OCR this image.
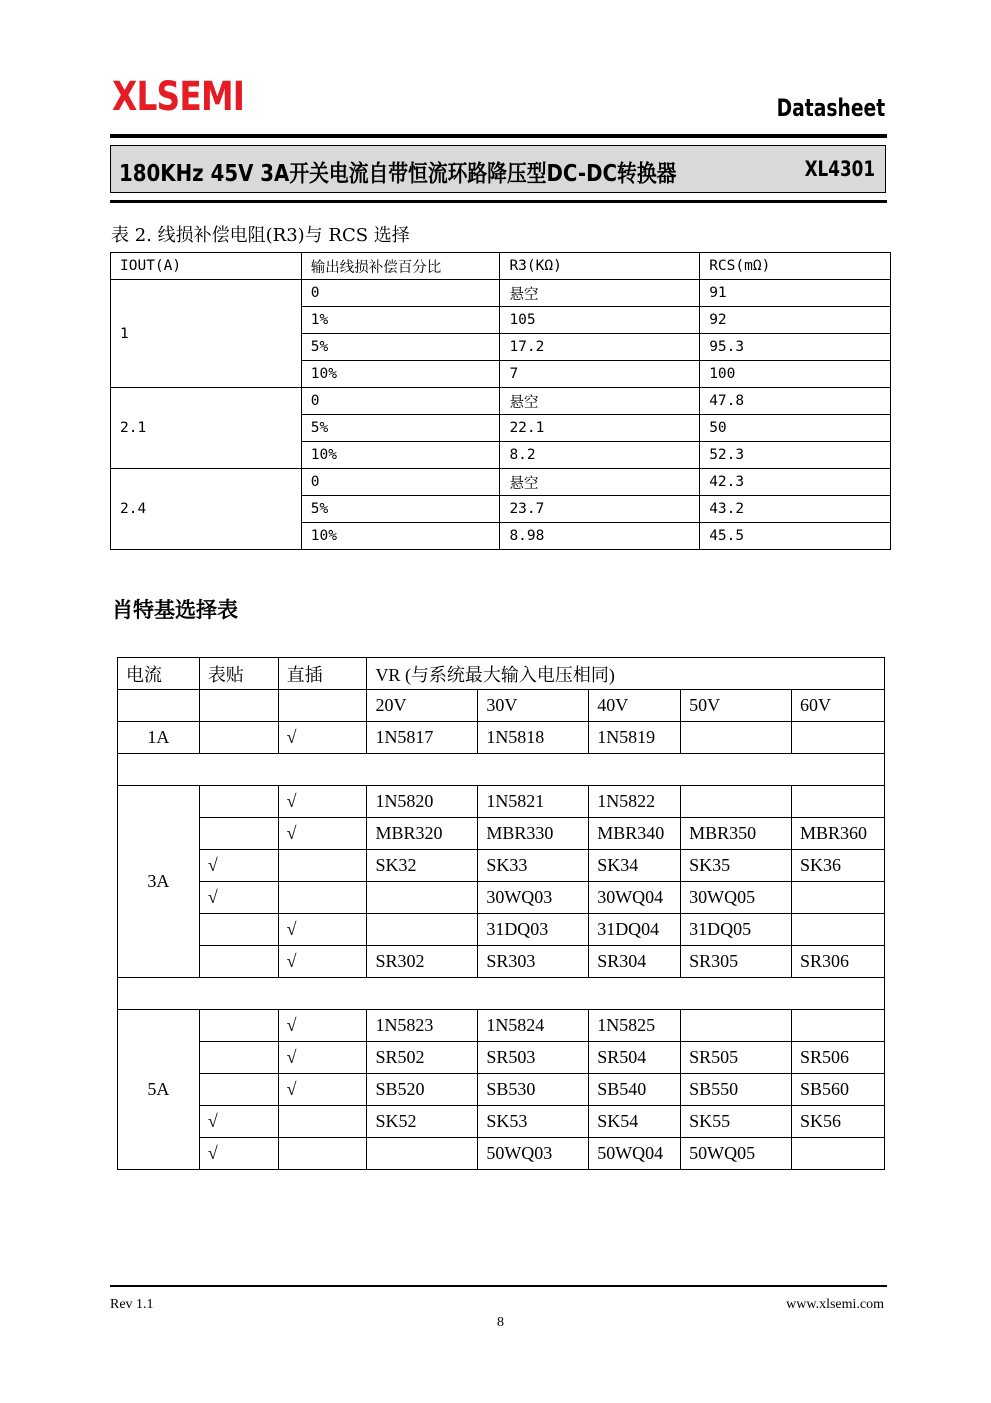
XLSEMI	Datasheet
180KHz 45V 3A开关电流自带恒流环路降压型DC-DC转换器	XL4301
表 2. 线损补偿电阻(R3)与 RCS 选择
IOUT(A)	输出线损补偿百分比	R3(KΩ)	RCS(mΩ)
1	0	悬空	91
	1%	105	92
	5%	17.2	95.3
	10%	7	100
2.1	0	悬空	47.8
	5%	22.1	50
	10%	8.2	52.3
2.4	0	悬空	42.3
	5%	23.7	43.2
	10%	8.98	45.5
肖特基选择表
电流	表贴	直插	VR (与系统最大输入电压相同)				
			20V	30V	40V	50V	60V
1A		√	1N5817	1N5818	1N5819		

3A		√	1N5820	1N5821	1N5822		
		√	MBR320	MBR330	MBR340	MBR350	MBR360
	√		SK32	SK33	SK34	SK35	SK36
	√			30WQ03	30WQ04	30WQ05	
		√		31DQ03	31DQ04	31DQ05	
		√	SR302	SR303	SR304	SR305	SR306

5A		√	1N5823	1N5824	1N5825		
		√	SR502	SR503	SR504	SR505	SR506
		√	SB520	SB530	SB540	SB550	SB560
	√		SK52	SK53	SK54	SK55	SK56
	√			50WQ03	50WQ04	50WQ05	
Rev 1.1	www.xlsemi.com
8
